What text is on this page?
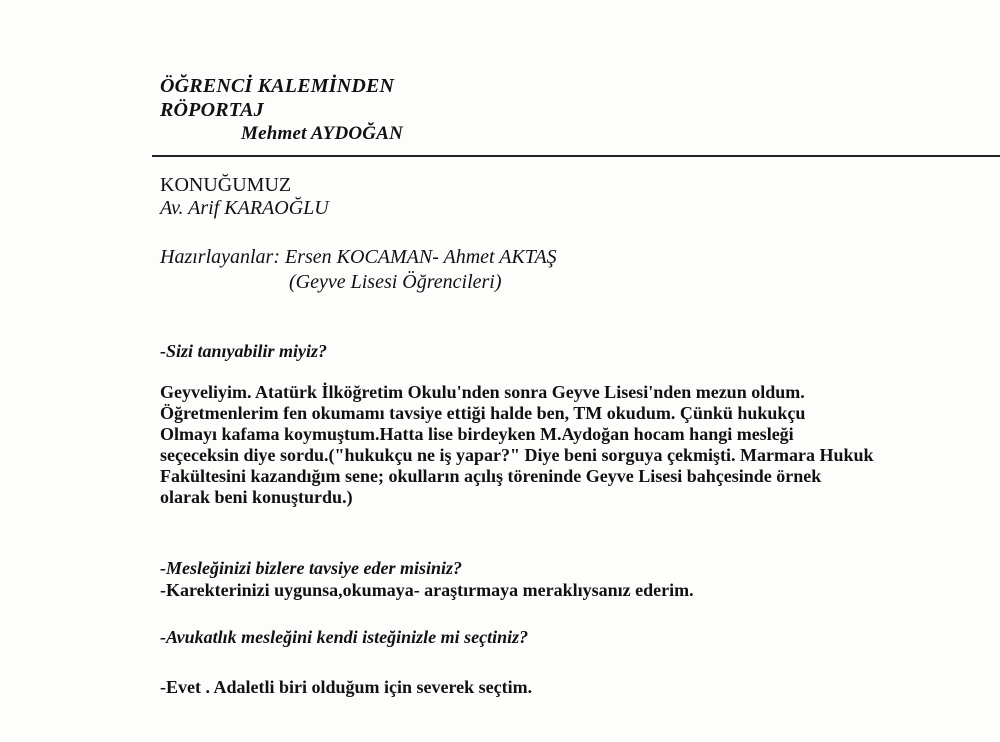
ÖĞRENCİ KALEMİNDEN

RÖPORTAJ

Mehmet AYDOĞAN

KONUĞUMUZ

Av. Arif KARAOĞLU

Hazırlayanlar: Ersen KOCAMAN- Ahmet AKTAŞ

(Geyve Lisesi Öğrencileri)

-Sizi tanıyabilir miyiz?

Geyveliyim. Atatürk İlköğretim Okulu'nden sonra Geyve Lisesi'nden mezun oldum.

Öğretmenlerim fen okumamı tavsiye ettiği halde ben, TM okudum. Çünkü hukukçu

Olmayı kafama koymuştum.Hatta lise birdeyken M.Aydoğan hocam hangi mesleği

seçeceksin diye sordu.("hukukçu ne iş yapar?" Diye beni sorguya çekmişti. Marmara Hukuk

Fakültesini kazandığım sene; okulların açılış töreninde Geyve Lisesi bahçesinde örnek

olarak beni konuşturdu.)

-Mesleğinizi bizlere tavsiye eder misiniz?

-Karekterinizi uygunsa,okumaya- araştırmaya meraklıysanız ederim.

-Avukatlık mesleğini kendi isteğinizle mi seçtiniz?

-Evet . Adaletli biri olduğum için severek seçtim.
